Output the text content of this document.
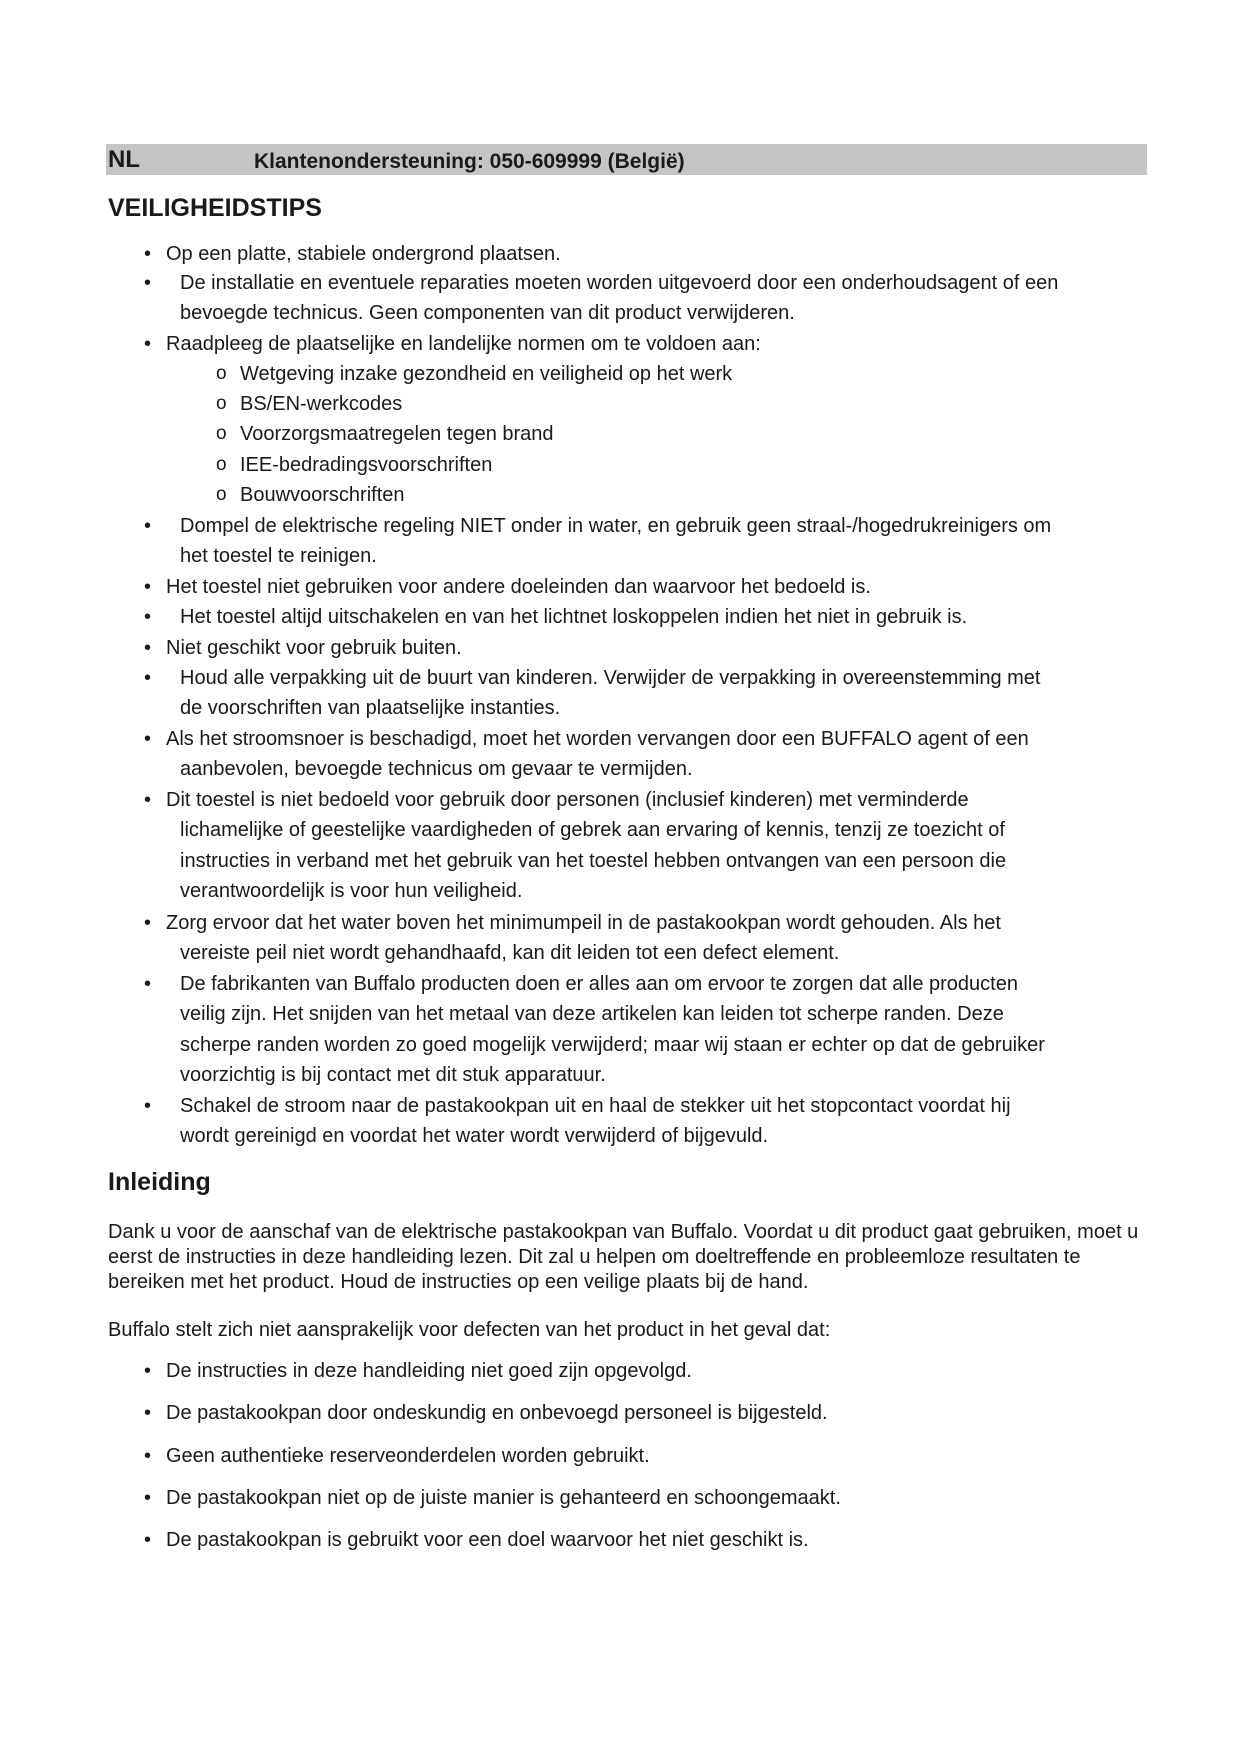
NL	Klantenondersteuning: 050-609999 (België)
VEILIGHEIDSTIPS
• Op een platte, stabiele ondergrond plaatsen.
• De installatie en eventuele reparaties moeten worden uitgevoerd door een onderhoudsagent of een
bevoegde technicus. Geen componenten van dit product verwijderen.
• Raadpleeg de plaatselijke en landelijke normen om te voldoen aan:
o Wetgeving inzake gezondheid en veiligheid op het werk
o BS/EN-werkcodes
o Voorzorgsmaatregelen tegen brand
o IEE-bedradingsvoorschriften
o Bouwvoorschriften
• Dompel de elektrische regeling NIET onder in water, en gebruik geen straal-/hogedrukreinigers om
het toestel te reinigen.
• Het toestel niet gebruiken voor andere doeleinden dan waarvoor het bedoeld is.
• Het toestel altijd uitschakelen en van het lichtnet loskoppelen indien het niet in gebruik is.
• Niet geschikt voor gebruik buiten.
• Houd alle verpakking uit de buurt van kinderen. Verwijder de verpakking in overeenstemming met
de voorschriften van plaatselijke instanties.
• Als het stroomsnoer is beschadigd, moet het worden vervangen door een BUFFALO agent of een
aanbevolen, bevoegde technicus om gevaar te vermijden.
• Dit toestel is niet bedoeld voor gebruik door personen (inclusief kinderen) met verminderde
lichamelijke of geestelijke vaardigheden of gebrek aan ervaring of kennis, tenzij ze toezicht of
instructies in verband met het gebruik van het toestel hebben ontvangen van een persoon die
verantwoordelijk is voor hun veiligheid.
• Zorg ervoor dat het water boven het minimumpeil in de pastakookpan wordt gehouden. Als het
vereiste peil niet wordt gehandhaafd, kan dit leiden tot een defect element.
• De fabrikanten van Buffalo producten doen er alles aan om ervoor te zorgen dat alle producten
veilig zijn. Het snijden van het metaal van deze artikelen kan leiden tot scherpe randen. Deze
scherpe randen worden zo goed mogelijk verwijderd; maar wij staan er echter op dat de gebruiker
voorzichtig is bij contact met dit stuk apparatuur.
• Schakel de stroom naar de pastakookpan uit en haal de stekker uit het stopcontact voordat hij
wordt gereinigd en voordat het water wordt verwijderd of bijgevuld.
Inleiding

Dank u voor de aanschaf van de elektrische pastakookpan van Buffalo. Voordat u dit product gaat gebruiken, moet u eerst de instructies in deze handleiding lezen. Dit zal u helpen om doeltreffende en probleemloze resultaten te bereiken met het product. Houd de instructies op een veilige plaats bij de hand.

Buffalo stelt zich niet aansprakelijk voor defecten van het product in het geval dat:

• De instructies in deze handleiding niet goed zijn opgevolgd.
• De pastakookpan door ondeskundig en onbevoegd personeel is bijgesteld.
• Geen authentieke reserveonderdelen worden gebruikt.
• De pastakookpan niet op de juiste manier is gehanteerd en schoongemaakt.
• De pastakookpan is gebruikt voor een doel waarvoor het niet geschikt is.
